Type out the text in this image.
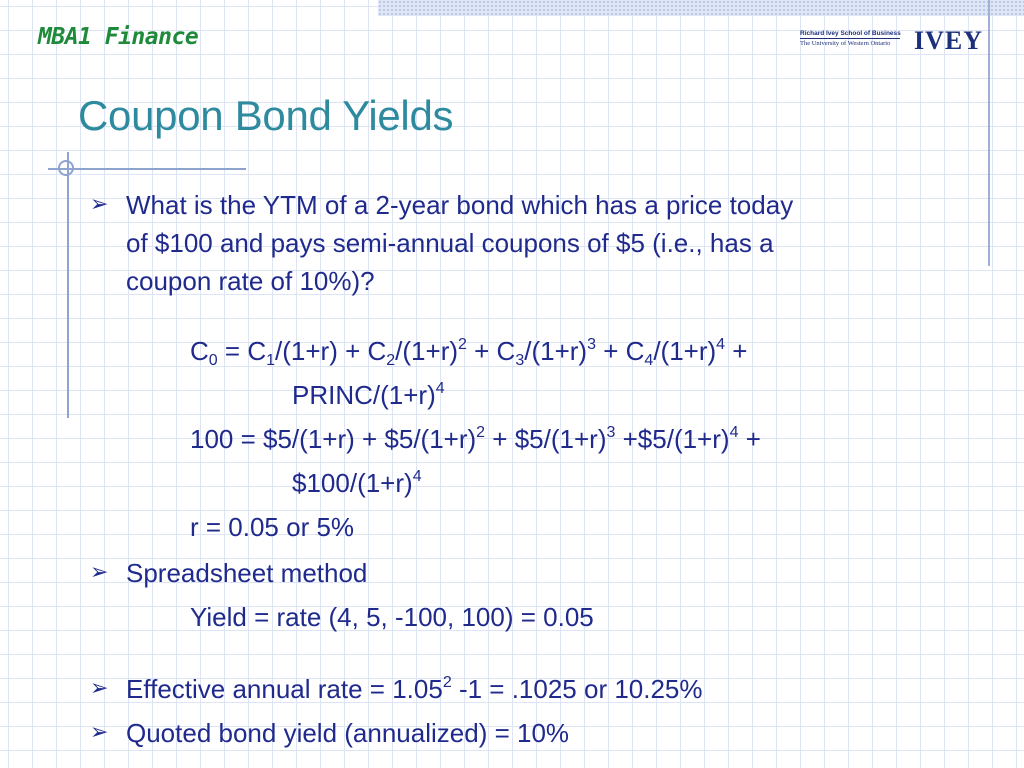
MBA1 Finance	Richard Ivey School of Business
The University of Western Ontario IVEY
Coupon Bond Yields
➢ What is the YTM of a 2-year bond which has a price today
of $100 and pays semi-annual coupons of $5 (i.e., has a
coupon rate of 10%)?
$C_0 = C_1/(1+r) + C_2/(1+r)^2 + C_3/(1+r)^3 + C_4/(1+r)^4$ +
PRINC/$(1+r)^4$
100 = $5/(1+r) + $\$5/(1+r)^2$ + $\$5/(1+r)^3$ $+\$5/(1+r)^4$ +
$\$100/(1+r)^4$
r = 0.05 or 5%
➢ Spreadsheet method
Yield = rate (4, 5, -100, 100) = 0.05
➢ Effective annual rate = $1.05^2$ -1 = .1025 or 10.25%
➢ Quoted bond yield (annualized) = 10%
